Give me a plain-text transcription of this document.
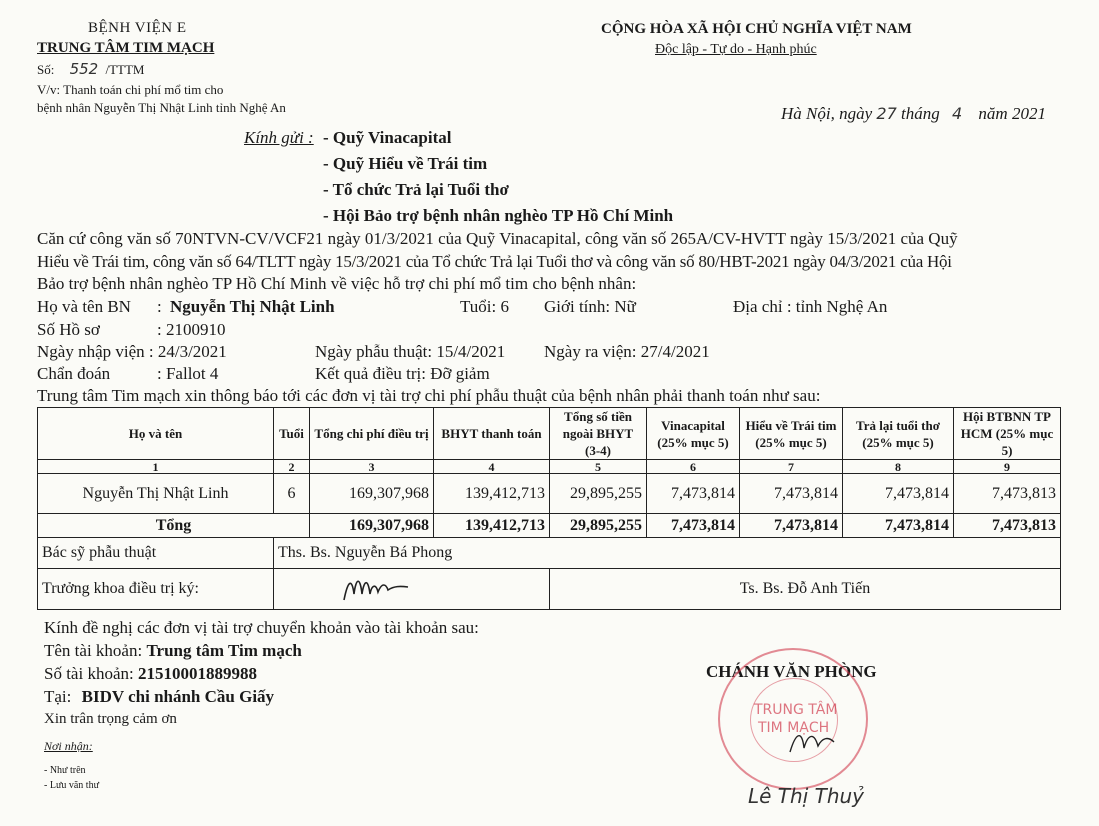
BỆNH VIỆN E
TRUNG TÂM TIM MẠCH
Số: 552 /TTTM
V/v: Thanh toán chi phí mổ tim cho
bệnh nhân Nguyễn Thị Nhật Linh tỉnh Nghệ An
CỘNG HÒA XÃ HỘI CHỦ NGHĨA VIỆT NAM
Độc lập - Tự do - Hạnh phúc
Hà Nội, ngày 27 tháng 4 năm 2021
Kính gửi : - Quỹ Vinacapital
- Quỹ Hiểu về Trái tim
- Tổ chức Trả lại Tuổi thơ
- Hội Bảo trợ bệnh nhân nghèo TP Hồ Chí Minh
Căn cứ công văn số 70NTVN-CV/VCF21 ngày 01/3/2021 của Quỹ Vinacapital, công văn số 265A/CV-HVTT ngày 15/3/2021 của Quỹ
Hiểu về Trái tim, công văn số 64/TLTT ngày 15/3/2021 của Tổ chức Trả lại Tuổi thơ và công văn số 80/HBT-2021 ngày 04/3/2021 của Hội
Bảo trợ bệnh nhân nghèo TP Hồ Chí Minh về việc hỗ trợ chi phí mổ tim cho bệnh nhân:
Họ và tên BN : Nguyễn Thị Nhật Linh	Tuổi: 6 Giới tính: Nữ	Địa chỉ : tỉnh Nghệ An
Số Hồ sơ	: 2100910
Ngày nhập viện : 24/3/2021	Ngày phẫu thuật: 15/4/2021 Ngày ra viện: 27/4/2021
Chẩn đoán	: Fallot 4	Kết quả điều trị: Đỡ giảm
Trung tâm Tim mạch xin thông báo tới các đơn vị tài trợ chi phí phẫu thuật của bệnh nhân phải thanh toán như sau:
Họ và tên	Tuổi	Tổng chi phí điều trị	BHYT thanh toán	Tổng số tiền ngoài BHYT (3-4)	Vinacapital (25% mục 5)	Hiểu về Trái tim (25% mục 5)	Trả lại tuổi thơ (25% mục 5)	Hội BTBNN TP HCM (25% mục 5)
1	2	3	4	5	6	7	8	9
Nguyễn Thị Nhật Linh	6	169,307,968	139,412,713	29,895,255	7,473,814	7,473,814	7,473,814	7,473,813
Tổng		169,307,968	139,412,713	29,895,255	7,473,814	7,473,814	7,473,814	7,473,813
Bác sỹ phẫu thuật	Ths. Bs. Nguyễn Bá Phong							
Trưởng khoa điều trị ký:				Ts. Bs. Đỗ Anh Tiến				
Kính đề nghị các đơn vị tài trợ chuyển khoản vào tài khoản sau:
Tên tài khoản: Trung tâm Tim mạch
Số tài khoản: 21510001889988
Tại: BIDV chi nhánh Cầu Giấy
Xin trân trọng cảm ơn
Nơi nhận:
- Như trên
- Lưu văn thư
CHÁNH VĂN PHÒNG
TRUNG TÂM
TIM MẠCH
Lê Thị Thuỷ
